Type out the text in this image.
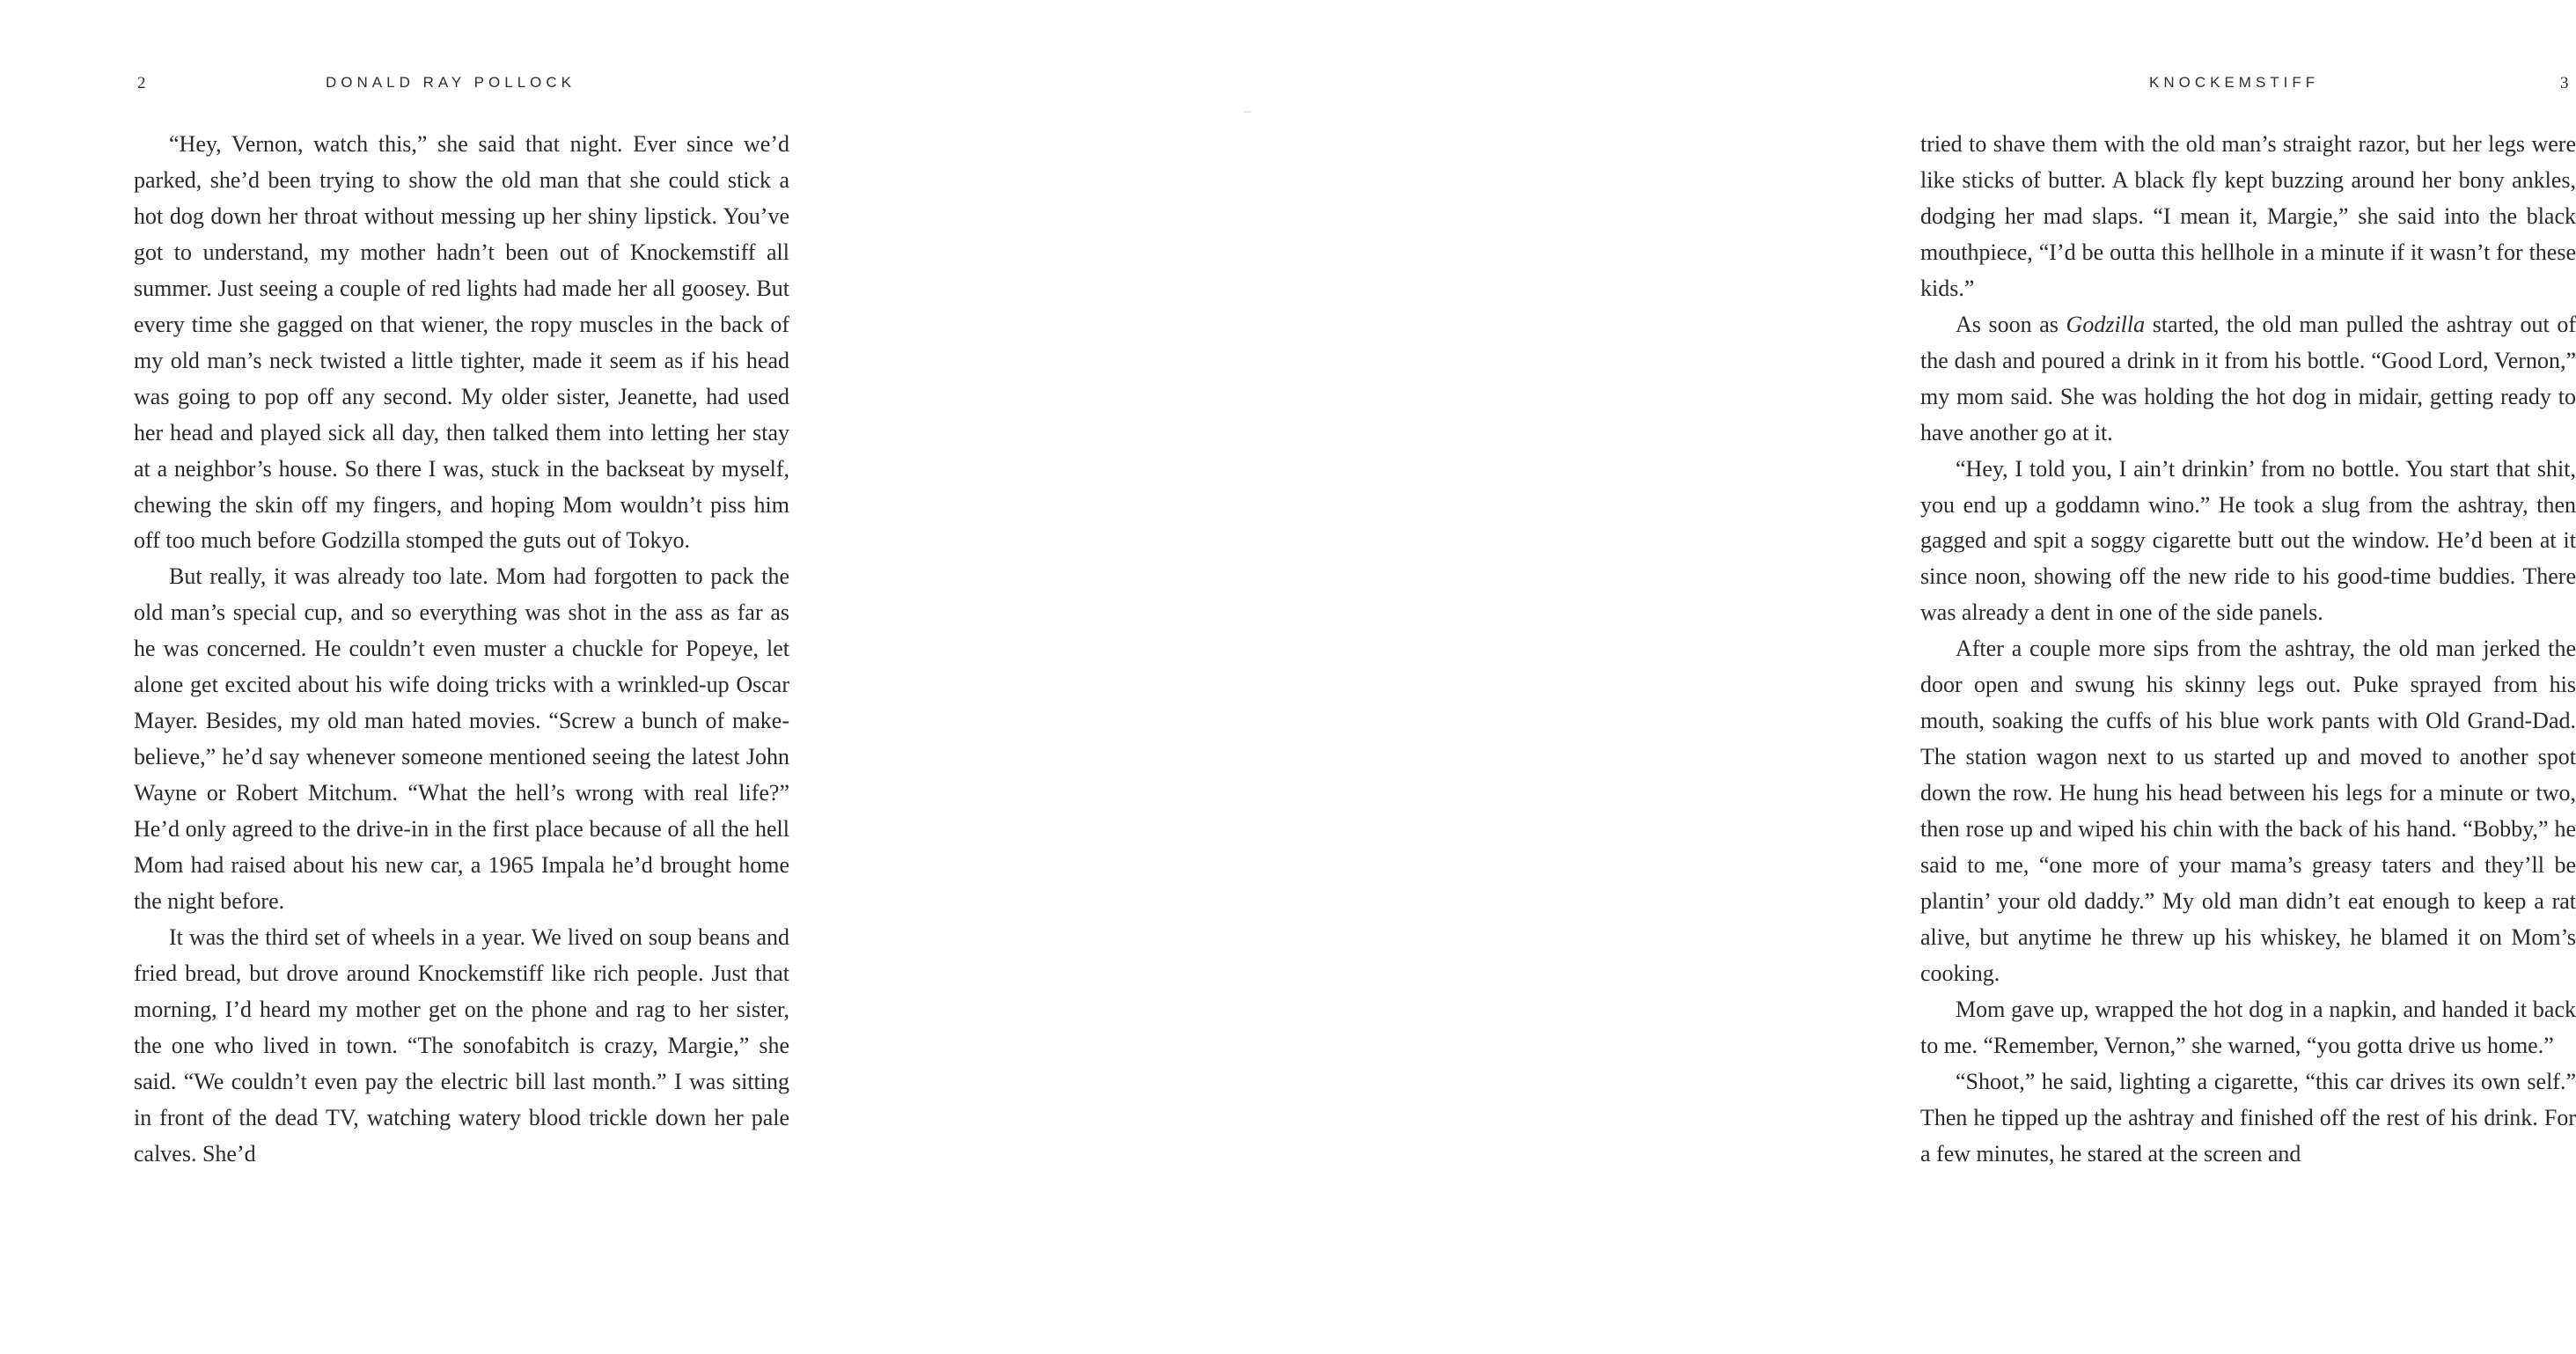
2	DONALD RAY POLLOCK

“Hey, Vernon, watch this,” she said that night. Ever since we’d parked, she’d been trying to show the old man that she could stick a hot dog down her throat without messing up her shiny lipstick. You’ve got to understand, my mother hadn’t been out of Knockemstiff all summer. Just seeing a couple of red lights had made her all goosey. But every time she gagged on that wiener, the ropy muscles in the back of my old man’s neck twisted a little tighter, made it seem as if his head was going to pop off any second. My older sister, Jeanette, had used her head and played sick all day, then talked them into letting her stay at a neighbor’s house. So there I was, stuck in the backseat by myself, chewing the skin off my fingers, and hoping Mom wouldn’t piss him off too much before Godzilla stomped the guts out of Tokyo.

But really, it was already too late. Mom had forgotten to pack the old man’s special cup, and so everything was shot in the ass as far as he was concerned. He couldn’t even muster a chuckle for Popeye, let alone get excited about his wife doing tricks with a wrinkled-up Oscar Mayer. Besides, my old man hated movies. “Screw a bunch of make-believe,” he’d say whenever someone mentioned seeing the latest John Wayne or Robert Mitchum. “What the hell’s wrong with real life?” He’d only agreed to the drive-in in the first place because of all the hell Mom had raised about his new car, a 1965 Impala he’d brought home the night before.

It was the third set of wheels in a year. We lived on soup beans and fried bread, but drove around Knockemstiff like rich people. Just that morning, I’d heard my mother get on the phone and rag to her sister, the one who lived in town. “The sonofabitch is crazy, Margie,” she said. “We couldn’t even pay the electric bill last month.” I was sitting in front of the dead TV, watching watery blood trickle down her pale calves. She’d

KNOCKEMSTIFF	3

tried to shave them with the old man’s straight razor, but her legs were like sticks of butter. A black fly kept buzzing around her bony ankles, dodging her mad slaps. “I mean it, Margie,” she said into the black mouthpiece, “I’d be outta this hellhole in a minute if it wasn’t for these kids.”

As soon as Godzilla started, the old man pulled the ashtray out of the dash and poured a drink in it from his bottle. “Good Lord, Vernon,” my mom said. She was holding the hot dog in midair, getting ready to have another go at it.

“Hey, I told you, I ain’t drinkin’ from no bottle. You start that shit, you end up a goddamn wino.” He took a slug from the ashtray, then gagged and spit a soggy cigarette butt out the window. He’d been at it since noon, showing off the new ride to his good-time buddies. There was already a dent in one of the side panels.

After a couple more sips from the ashtray, the old man jerked the door open and swung his skinny legs out. Puke sprayed from his mouth, soaking the cuffs of his blue work pants with Old Grand-Dad. The station wagon next to us started up and moved to another spot down the row. He hung his head between his legs for a minute or two, then rose up and wiped his chin with the back of his hand. “Bobby,” he said to me, “one more of your mama’s greasy taters and they’ll be plantin’ your old daddy.” My old man didn’t eat enough to keep a rat alive, but anytime he threw up his whiskey, he blamed it on Mom’s cooking.

Mom gave up, wrapped the hot dog in a napkin, and handed it back to me. “Remember, Vernon,” she warned, “you gotta drive us home.”

“Shoot,” he said, lighting a cigarette, “this car drives its own self.” Then he tipped up the ashtray and finished off the rest of his drink. For a few minutes, he stared at the screen and
